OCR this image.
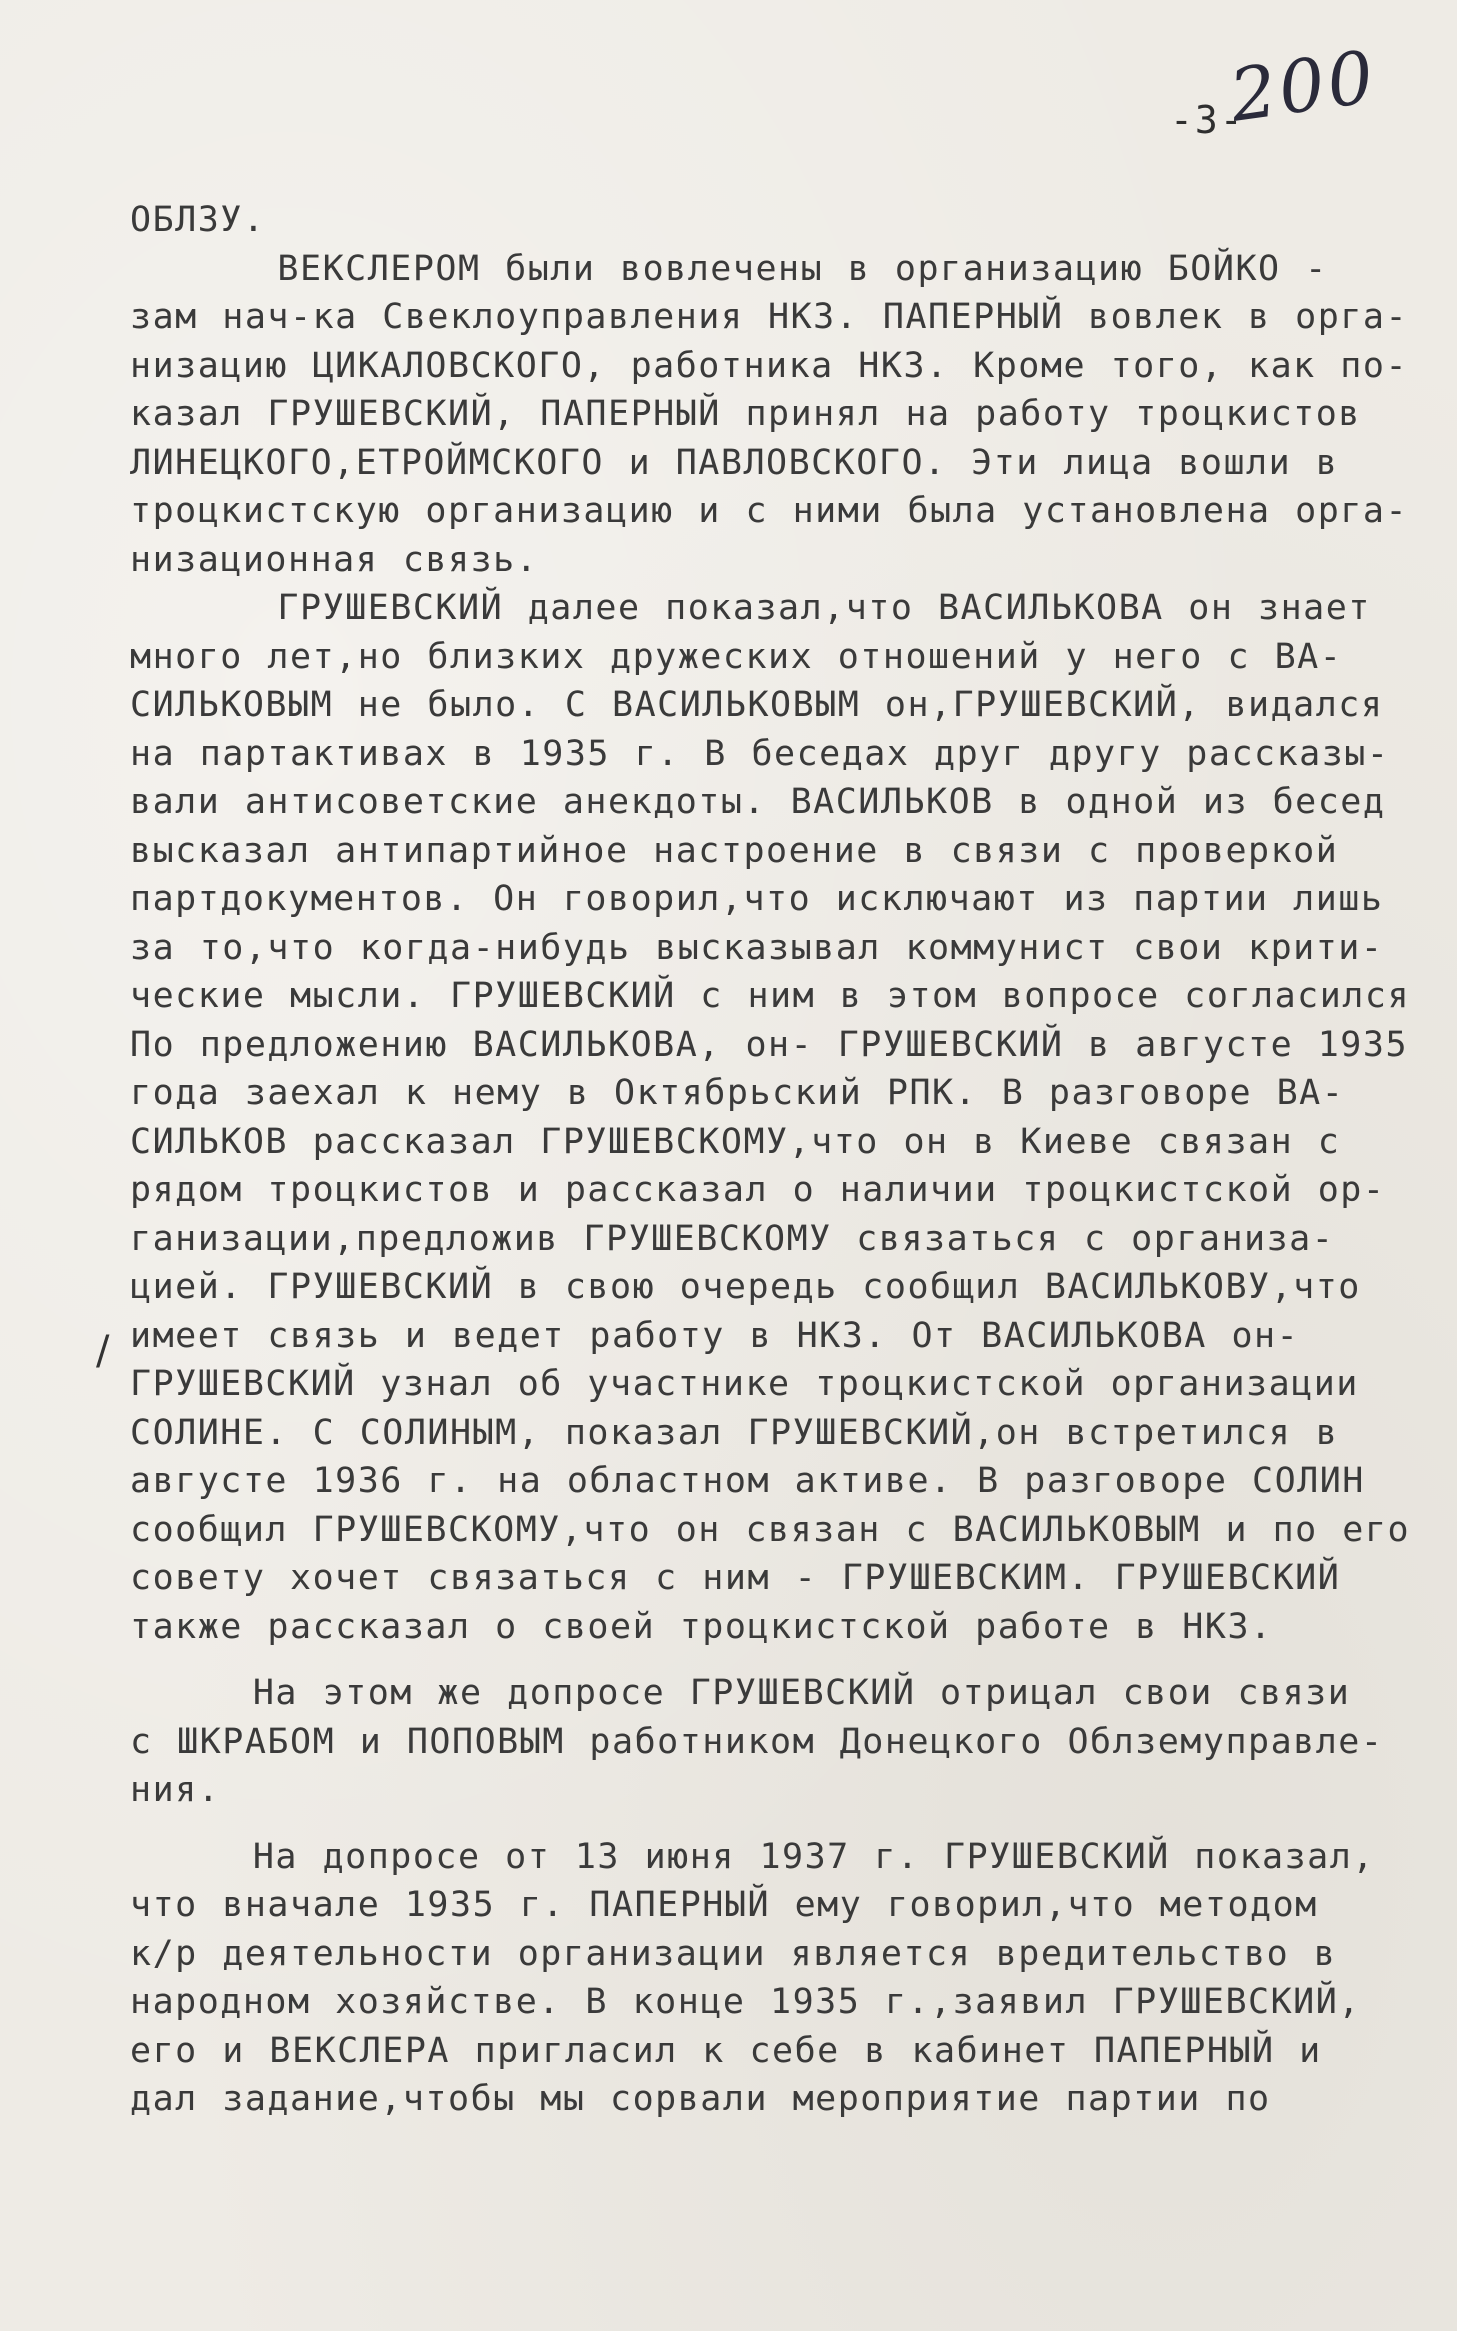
200
-3-
/
ОБЛЗУ.
ВЕКСЛЕРОМ были вовлечены в организацию БОЙКО -
зам нач-ка Свеклоуправления НКЗ. ПАПЕРНЫЙ вовлек в орга-
низацию ЦИКАЛОВСКОГО, работника НКЗ. Кроме того, как по-
казал ГРУШЕВСКИЙ, ПАПЕРНЫЙ принял на работу троцкистов
ЛИНЕЦКОГО,ЕТРОЙМСКОГО и ПАВЛОВСКОГО. Эти лица вошли в
троцкистскую организацию и с ними была установлена орга-
низационная связь.
ГРУШЕВСКИЙ далее показал,что ВАСИЛЬКОВА он знает
много лет,но близких дружеских отношений у него с ВА-
СИЛЬКОВЫМ не было. С ВАСИЛЬКОВЫМ он,ГРУШЕВСКИЙ, видался
на партактивах в 1935 г. В беседах друг другу рассказы-
вали антисоветские анекдоты. ВАСИЛЬКОВ в одной из бесед
высказал антипартийное настроение в связи с проверкой
партдокументов. Он говорил,что исключают из партии лишь
за то,что когда-нибудь высказывал коммунист свои крити-
ческие мысли. ГРУШЕВСКИЙ с ним в этом вопросе согласился
По предложению ВАСИЛЬКОВА, он- ГРУШЕВСКИЙ в августе 1935
года заехал к нему в Октябрьский РПК. В разговоре ВА-
СИЛЬКОВ рассказал ГРУШЕВСКОМУ,что он в Киеве связан с
рядом троцкистов и рассказал о наличии троцкистской ор-
ганизации,предложив ГРУШЕВСКОМУ связаться с организа-
цией. ГРУШЕВСКИЙ в свою очередь сообщил ВАСИЛЬКОВУ,что
имеет связь и ведет работу в НКЗ. От ВАСИЛЬКОВА он-
ГРУШЕВСКИЙ узнал об участнике троцкистской организации
СОЛИНЕ. С СОЛИНЫМ, показал ГРУШЕВСКИЙ,он встретился в
августе 1936 г. на областном активе. В разговоре СОЛИН
сообщил ГРУШЕВСКОМУ,что он связан с ВАСИЛЬКОВЫМ и по его
совету хочет связаться с ним - ГРУШЕВСКИМ. ГРУШЕВСКИЙ
также рассказал о своей троцкистской работе в НКЗ.
На этом же допросе ГРУШЕВСКИЙ отрицал свои связи
с ШКРАБОМ и ПОПОВЫМ работником Донецкого Облземуправле-
ния.
На допросе от 13 июня 1937 г. ГРУШЕВСКИЙ показал,
что вначале 1935 г. ПАПЕРНЫЙ ему говорил,что методом
к/р деятельности организации является вредительство в
народном хозяйстве. В конце 1935 г.,заявил ГРУШЕВСКИЙ,
его и ВЕКСЛЕРА пригласил к себе в кабинет ПАПЕРНЫЙ и
дал задание,чтобы мы сорвали мероприятие партии по
